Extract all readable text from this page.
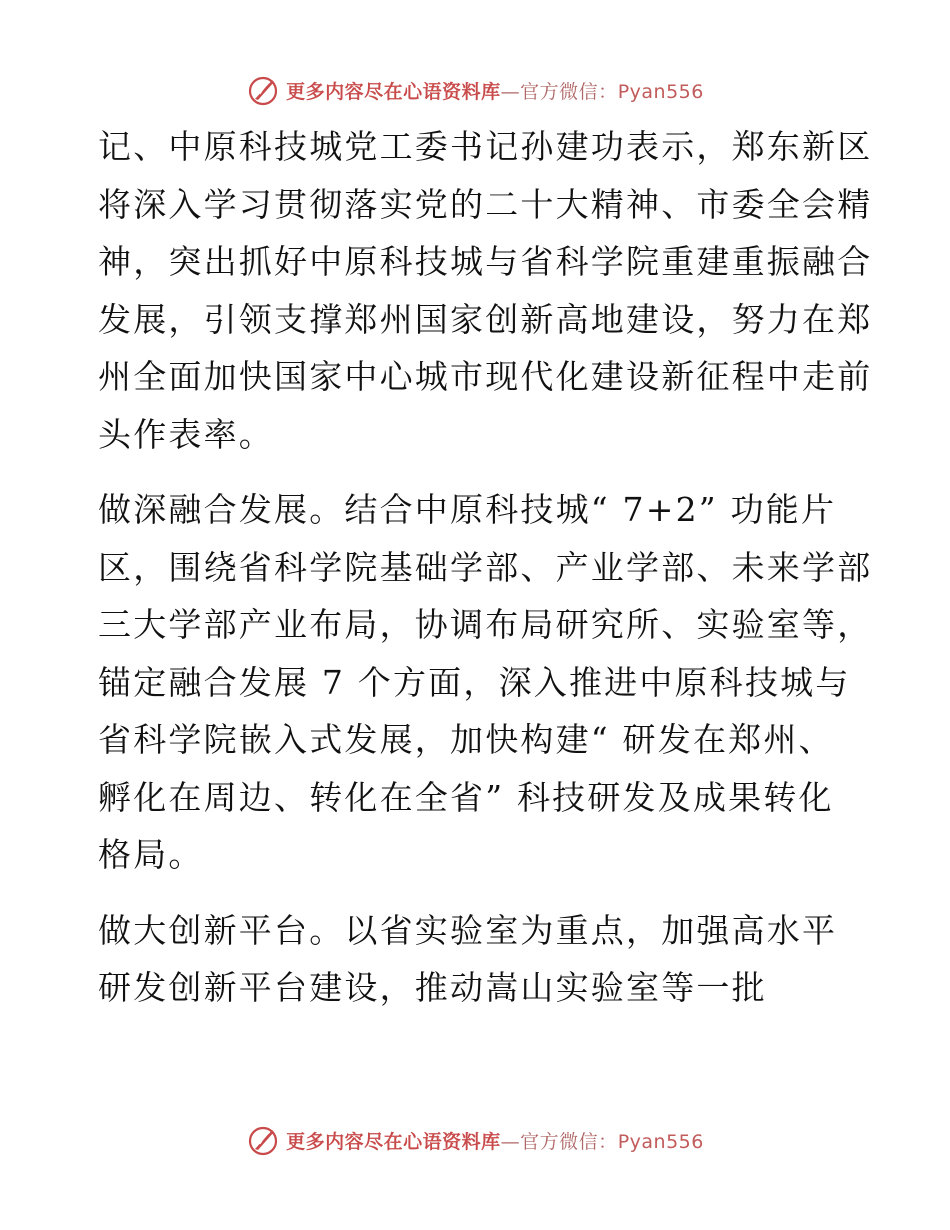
更多内容尽在心语资料库—官方微信：Pyan556

记、中原科技城党工委书记孙建功表示，郑东新区
将深入学习贯彻落实党的二十大精神、市委全会精
神，突出抓好中原科技城与省科学院重建重振融合
发展，引领支撑郑州国家创新高地建设，努力在郑
州全面加快国家中心城市现代化建设新征程中走前
头作表率。

做深融合发展。结合中原科技城“ 7+2” 功能片
区，围绕省科学院基础学部、产业学部、未来学部
三大学部产业布局，协调布局研究所、实验室等，
锚定融合发展 7 个方面，深入推进中原科技城与
省科学院嵌入式发展，加快构建“ 研发在郑州、
孵化在周边、转化在全省” 科技研发及成果转化
格局。

做大创新平台。以省实验室为重点，加强高水平
研发创新平台建设，推动嵩山实验室等一批

更多内容尽在心语资料库—官方微信：Pyan556
